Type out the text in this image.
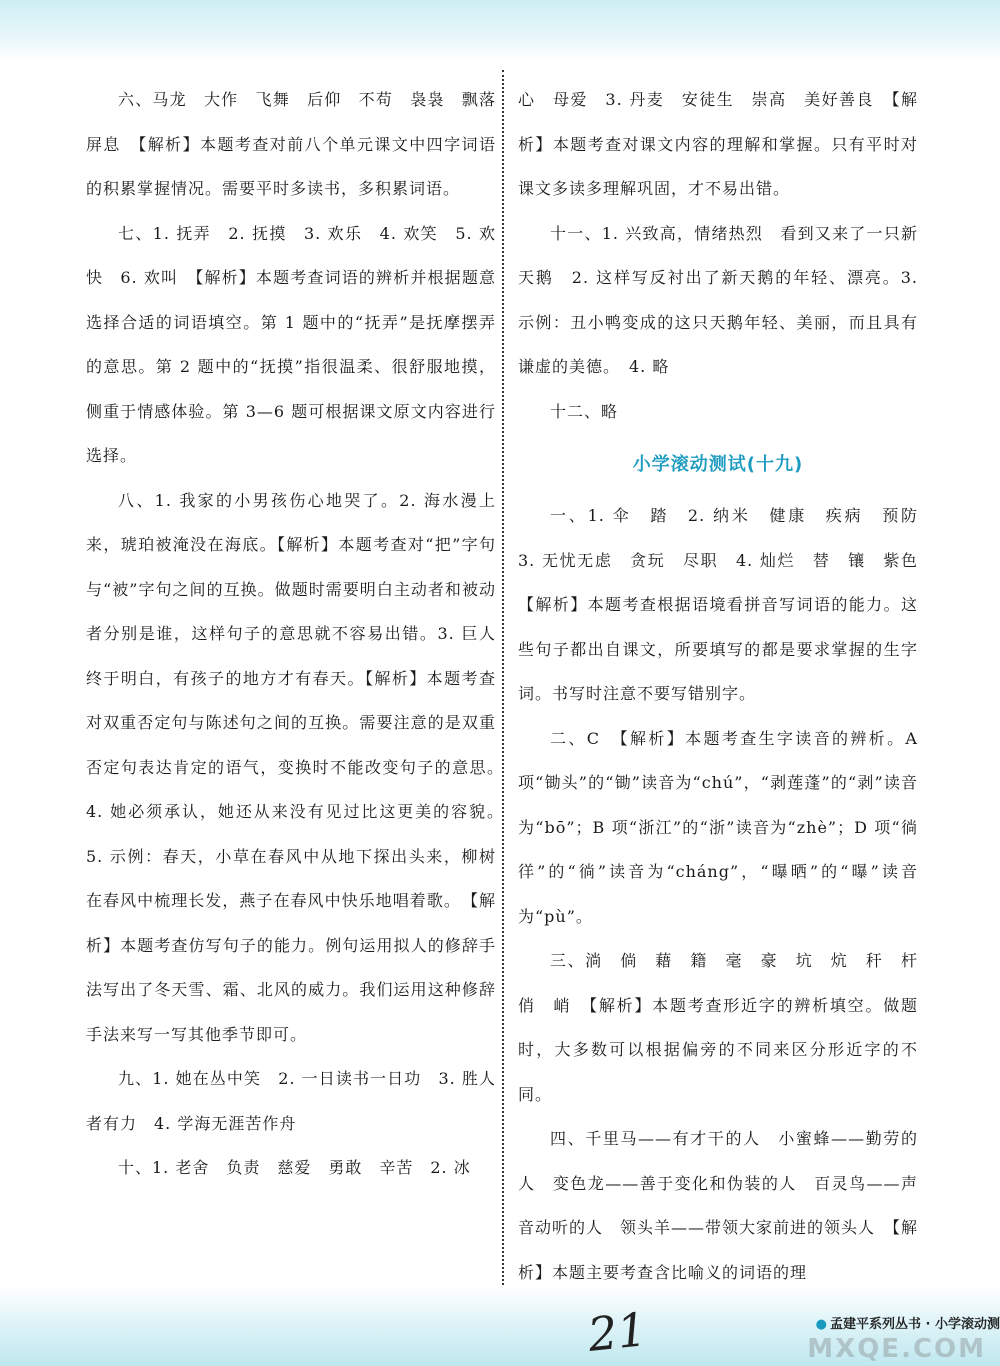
六、马龙　大作　飞舞　后仰　不苟　袅袅　飘落　屏息　【解析】本题考查对前八个单元课文中四字词语的积累掌握情况。需要平时多读书，多积累词语。

七、1. 抚弄　2. 抚摸　3. 欢乐　4. 欢笑　5. 欢快　6. 欢叫　【解析】本题考查词语的辨析并根据题意选择合适的词语填空。第 1 题中的“抚弄”是抚摩摆弄的意思。第 2 题中的“抚摸”指很温柔、很舒服地摸，侧重于情感体验。第 3—6 题可根据课文原文内容进行选择。

八、1. 我家的小男孩伤心地哭了。2. 海水漫上来，琥珀被淹没在海底。【解析】本题考查对“把”字句与“被”字句之间的互换。做题时需要明白主动者和被动者分别是谁，这样句子的意思就不容易出错。3. 巨人终于明白，有孩子的地方才有春天。【解析】本题考查对双重否定句与陈述句之间的互换。需要注意的是双重否定句表达肯定的语气，变换时不能改变句子的意思。　4. 她必须承认，她还从来没有见过比这更美的容貌。　5. 示例：春天，小草在春风中从地下探出头来，柳树在春风中梳理长发，燕子在春风中快乐地唱着歌。　【解析】本题考查仿写句子的能力。例句运用拟人的修辞手法写出了冬天雪、霜、北风的威力。我们运用这种修辞手法来写一写其他季节即可。

九、1. 她在丛中笑　2. 一日读书一日功　3. 胜人者有力　4. 学海无涯苦作舟

十、1. 老舍　负责　慈爱　勇敢　辛苦　2. 冰

心　母爱　3. 丹麦　安徒生　崇高　美好善良　【解析】本题考查对课文内容的理解和掌握。只有平时对课文多读多理解巩固，才不易出错。

十一、1. 兴致高，情绪热烈　看到又来了一只新天鹅　2. 这样写反衬出了新天鹅的年轻、漂亮。3. 示例：丑小鸭变成的这只天鹅年轻、美丽，而且具有谦虚的美德。　4. 略

十二、略

小学滚动测试(十九)

一、1. 伞　踏　2. 纳米　健康　疾病　预防　3. 无忧无虑　贪玩　尽职　4. 灿烂　替　镶　紫色　【解析】本题考查根据语境看拼音写词语的能力。这些句子都出自课文，所要填写的都是要求掌握的生字词。书写时注意不要写错别字。

二、C　【解析】本题考查生字读音的辨析。A 项“锄头”的“锄”读音为“chú”，“剥莲蓬”的“剥”读音为“bō”；B 项“浙江”的“浙”读音为“zhè”；D 项“徜徉”的“徜”读音为“cháng”，“曝晒”的“曝”读音为“pù”。

三、淌　倘　藉　籍　毫　豪　坑　炕　秆　杆　俏　峭　【解析】本题考查形近字的辨析填空。做题时，大多数可以根据偏旁的不同来区分形近字的不同。

四、千里马——有才干的人　小蜜蜂——勤劳的人　变色龙——善于变化和伪装的人　百灵鸟——声音动听的人　领头羊——带领大家前进的领头人　【解析】本题主要考查含比喻义的词语的理

21	● 孟建平系列丛书 · 小学滚动测
MXQE.COM
